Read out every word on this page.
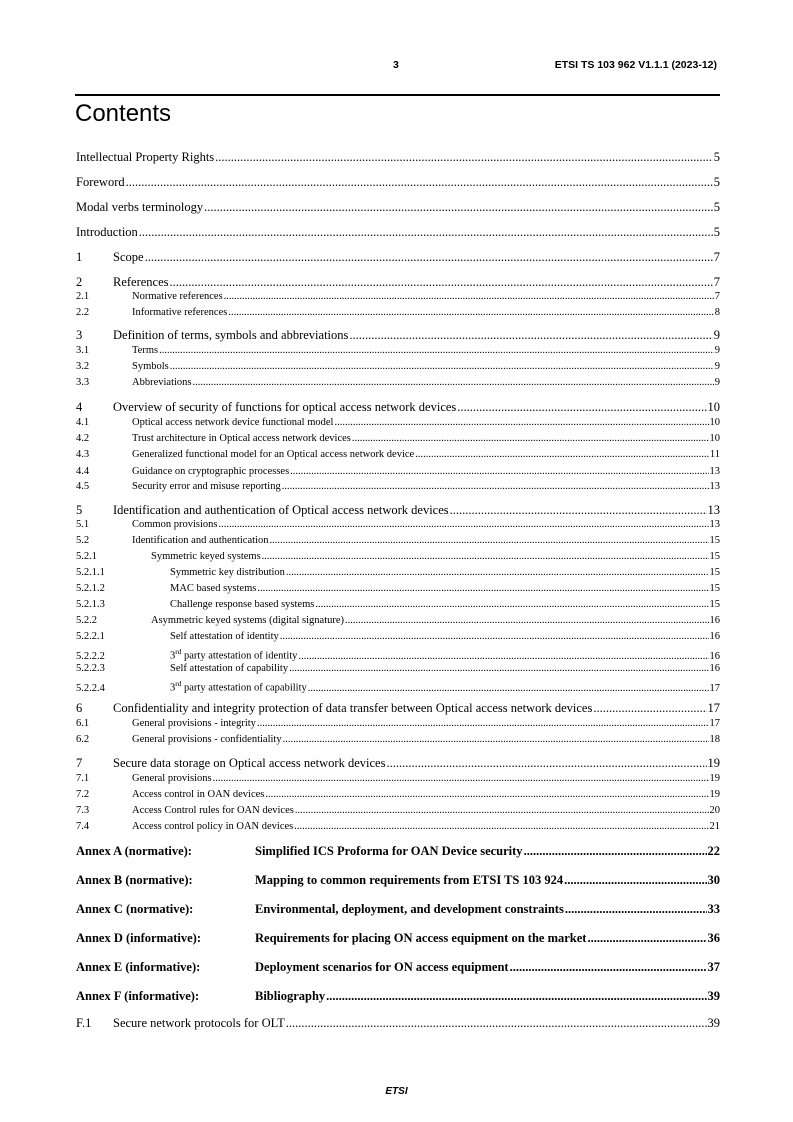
3	ETSI TS 103 962 V1.1.1 (2023-12)
Contents
Intellectual Property Rights .....	5
Foreword .....	5
Modal verbs terminology .....	5
Introduction .....	5
1	Scope .....	7
2	References .....	7
2.1	Normative references .....	7
2.2	Informative references .....	8
3	Definition of terms, symbols and abbreviations .....	9
3.1	Terms .....	9
3.2	Symbols .....	9
3.3	Abbreviations .....	9
4	Overview of security of functions for optical access network devices .....	10
4.1	Optical access network device functional model .....	10
4.2	Trust architecture in Optical access network devices .....	10
4.3	Generalized functional model for an Optical access network device .....	11
4.4	Guidance on cryptographic processes .....	13
4.5	Security error and misuse reporting .....	13
5	Identification and authentication of Optical access network devices .....	13
5.1	Common provisions .....	13
5.2	Identification and authentication .....	15
5.2.1	Symmetric keyed systems .....	15
5.2.1.1	Symmetric key distribution .....	15
5.2.1.2	MAC based systems .....	15
5.2.1.3	Challenge response based systems .....	15
5.2.2	Asymmetric keyed systems (digital signature) .....	16
5.2.2.1	Self attestation of identity .....	16
5.2.2.2	3rd party attestation of identity .....	16
5.2.2.3	Self attestation of capability .....	16
5.2.2.4	3rd party attestation of capability .....	17
6	Confidentiality and integrity protection of data transfer between Optical access network devices .....	17
6.1	General provisions - integrity .....	17
6.2	General provisions - confidentiality .....	18
7	Secure data storage on Optical access network devices .....	19
7.1	General provisions .....	19
7.2	Access control in OAN devices .....	19
7.3	Access Control rules for OAN devices .....	20
7.4	Access control policy in OAN devices .....	21
Annex A (normative):	Simplified ICS Proforma for OAN Device security .....	22
Annex B (normative):	Mapping to common requirements from ETSI TS 103 924 .....	30
Annex C (normative):	Environmental, deployment, and development constraints .....	33
Annex D (informative):	Requirements for placing ON access equipment on the market .....	36
Annex E (informative):	Deployment scenarios for ON access equipment .....	37
Annex F (informative):	Bibliography .....	39
F.1	Secure network protocols for OLT .....	39
ETSI
